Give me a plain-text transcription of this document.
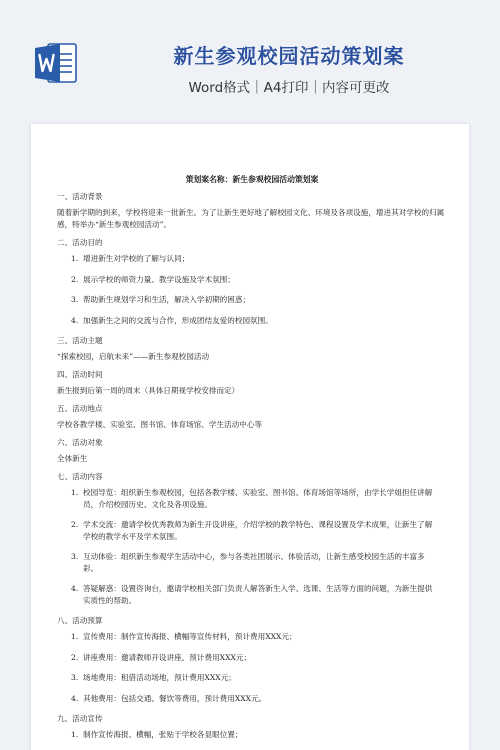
新生参观校园活动策划案
Word格式｜A4打印｜内容可更改
策划案名称：新生参观校园活动策划案
一、活动背景
随着新学期的到来，学校将迎来一批新生。为了让新生更好地了解校园文化、环境及各项设施，增进其对学校的归属感，特举办“新生参观校园活动”。
二、活动目的
1. 增进新生对学校的了解与认同；
2. 展示学校的师资力量、教学设施及学术氛围；
3. 帮助新生规划学习和生活，解决入学初期的困惑；
4. 加强新生之间的交流与合作，形成团结友爱的校园氛围。
三、活动主题
“探索校园，启航未来”——新生参观校园活动
四、活动时间
新生报到后第一周的周末（具体日期视学校安排而定）
五、活动地点
学校各教学楼、实验室、图书馆、体育场馆、学生活动中心等
六、活动对象
全体新生
七、活动内容
1. 校园导览：组织新生参观校园，包括各教学楼、实验室、图书馆、体育场馆等场所，由学长学姐担任讲解员，介绍校园历史、文化及各项设施。
2. 学术交流：邀请学校优秀教师为新生开设讲座，介绍学校的教学特色、课程设置及学术成果，让新生了解学校的教学水平及学术氛围。
3. 互动体验：组织新生参观学生活动中心，参与各类社团展示、体验活动，让新生感受校园生活的丰富多彩。
4. 答疑解惑：设置咨询台，邀请学校相关部门负责人解答新生入学、选课、生活等方面的问题，为新生提供实质性的帮助。
八、活动预算
1. 宣传费用：制作宣传海报、横幅等宣传材料，预计费用XXX元；
2. 讲座费用：邀请教师开设讲座，预计费用XXX元；
3. 场地费用：租借活动场地，预计费用XXX元；
4. 其他费用：包括交通、餐饮等费用，预计费用XXX元。
九、活动宣传
1. 制作宣传海报、横幅，张贴于学校各显眼位置；
